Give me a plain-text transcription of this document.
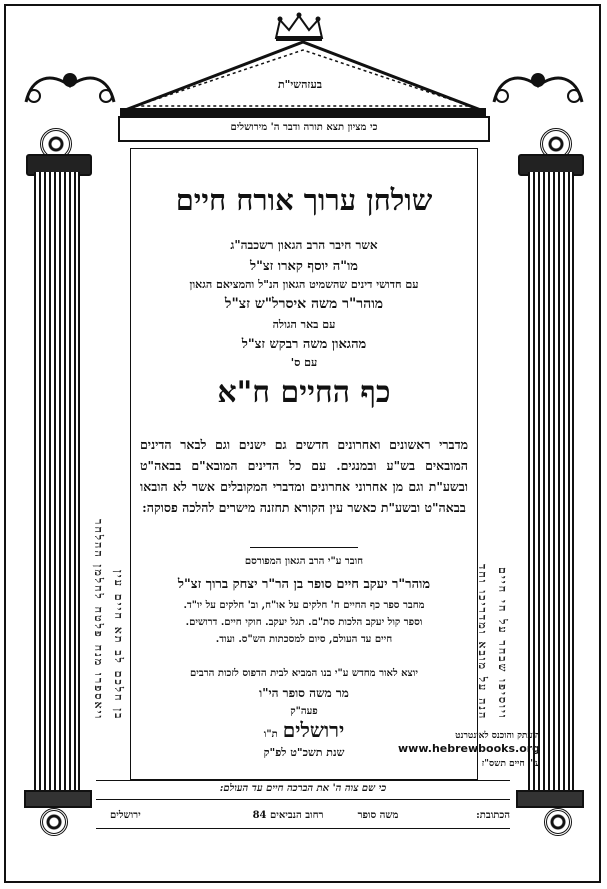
בעזהשי"ת
כי מציון תצא תורה ודבר ה' מירושלים
ויאספרו מנח פלטח לחלמן ההלחר בן חלכם לב תא חיים עין	הנה על מובא ומדריכו וחד ויוסיפו שבחר על חי חיים
שולחן ערוך אורח חיים
אשר חיבר הרב הגאון רשכבה"ג
מו"ה יוסף קארו זצ"ל
עם חדושי דינים שהשמיט הגאון הנ"ל והמציאם הגאון
מוהר"ר משה איסרל"ש זצ"ל
עם באר הגולה
מהגאון משה רבקש זצ"ל
עם ס'
כף החיים ח"א
מדברי ראשונים ואחרונים חדשים גם ישנים וגם לבאר הדינים המובאים בש"ע ובמנגים. עם כל הדינים המובא"ם בבאה"ט ובשע"ת וגם מן אחרוני אחרונים ומדברי המקובלים אשר לא הובאו בבאה"ט ובשע"ת כאשר עין הקורא תחזנה מישרים להלכה פסוקה:
חובר ע"י הרב הגאון המפורסם
מוהר"ר יעקב חיים סופר בן הר"ר יצחק ברוך זצ"ל
מחבר ספר כף החיים ח' חלקים על או"ח, וב' חלקים על יו"ד.
וספר קול יעקב הלכות סת"ם. תגל יעקב. חוקי חיים. דרושים.
חיים עד העולם, סיום למסכתות הש"ס. ועוד.
יוצא לאור מחדש ע"י בנו המביא לבית הדפוס לזכות הרבים
מר משה סופר הי"ו
פעה"ק
ירושלים ת"ו
שנת תשכ"ט לפ"ק
הועתק והוכנס לאינטרנט
www.hebrewbooks.org
ע"י חיים תשס"ז
כי שם צוה ה' את הברכה חיים עד העולם:
הכתובת:
משה סופר
רחוב הנביאים 84
ירושלים
